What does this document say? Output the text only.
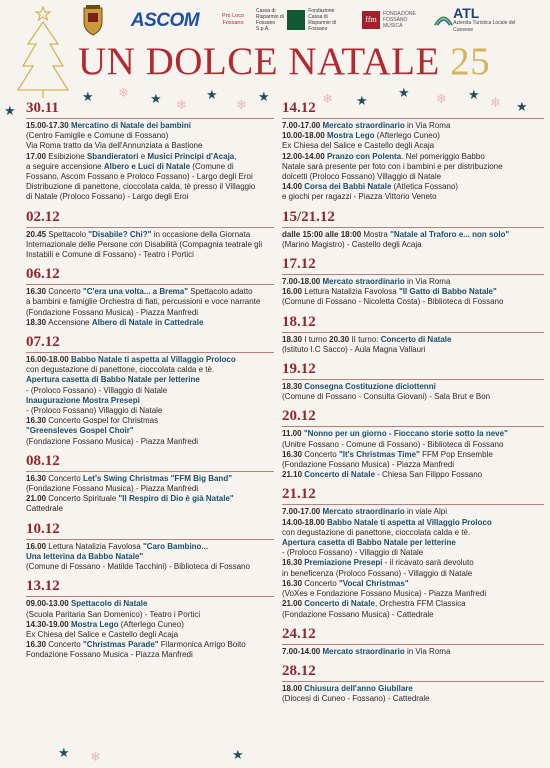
ASCOM	Pro Loco Fossano
Cassa di Risparmio di Fossano S.p.A.
Fondazione Cassa di Risparmio di Fossano
ffm
FONDAZIONE FOSSANO MUSICA
ATL
Azienda Turistica Locale del Cuneese
UN DOLCE NATALE 25
★ ❄ ★ ❄
★
❄
★	❄ ★
★ ❄ ★
❄ ★
★
★ ❄	★
30.11
15.00-17.30 Mercatino di Natale dei bambini
(Centro Famiglie e Comune di Fossano)
Via Roma tratto da Via dell'Annunziata a Bastione
17.00 Esibizione Sbandieratori e Musici Principi d'Acaja,
a seguire accensione Albero e Luci di Natale (Comune di
Fossano, Ascom Fossano e Proloco Fossano) - Largo degli Eroi
Distribuzione di panettone, cioccolata calda, tè presso il Villaggio
di Natale (Proloco Fossano) - Largo degli Eroi
02.12
20.45 Spettacolo "Disabile? Chi?" in occasione della Giornata
Internazionale delle Persone con Disabilità (Compagnia teatrale gli
Instabili e Comune di Fossano) - Teatro i Portici
06.12
16.30 Concerto "C'era una volta... a Brema" Spettacolo adatto
a bambini e famiglie Orchestra di fiati, percussioni e voce narrante
(Fondazione Fossano Musica) - Piazza Manfredi
18.30 Accensione Albero di Natale in Cattedrale
07.12
16.00-18.00 Babbo Natale ti aspetta al Villaggio Proloco
con degustazione di panettone, cioccolata calda e tè.
Apertura casetta di Babbo Natale per letterine
- (Proloco Fossano) - Villaggio di Natale
Inaugurazione Mostra Presepi
- (Proloco Fossano) Villaggio di Natale
16.30 Concerto Gospel for Christmas
"Greensleves Gospel Choir"
(Fondazione Fossano Musica) - Piazza Manfredi
08.12
16.30 Concerto Let's Swing Christmas "FFM Big Band"
(Fondazione Fossano Musica) - Piazza Manfredi
21.00 Concerto Spirituale "Il Respiro di Dio è già Natale"
Cattedrale
10.12
16.00 Lettura Natalizia Favolosa "Caro Bambino...
Una letterina da Babbo Natale"
(Comune di Fossano - Matilde Tacchini) - Biblioteca di Fossano
13.12
09.00-13.00 Spettacolo di Natale
(Scuola Paritaria San Domenico) - Teatro i Portici
14.30-19.00 Mostra Lego (Afterlego Cuneo)
Ex Chiesa del Salice e Castello degli Acaja
16.30 Concerto "Christmas Parade" Filarmonica Arrigo Boito
Fondazione Fossano Musica - Piazza Manfredi
14.12
7.00-17.00 Mercato straordinario in Via Roma
10.00-18.00 Mostra Lego (Afterlego Cuneo)
Ex Chiesa del Salice e Castello degli Acaja
12.00-14.00 Pranzo con Polenta. Nel pomeriggio Babbo
Natale sarà presente per foto con i bambini e per distribuzione
dolcetti (Proloco Fossano) Villaggio di Natale
14.00 Corsa dei Babbi Natale (Atletica Fossano)
e giochi per ragazzi - Piazza Vittorio Veneto
15/21.12
dalle 15:00 alle 18:00 Mostra "Natale al Traforo e... non solo"
(Marino Magistro) - Castello degli Acaja
17.12
7.00-18.00 Mercato straordinario in Via Roma
16.00 Lettura Natalizia Favolosa "Il Gatto di Babbo Natale"
(Comune di Fossano - Nicoletta Costa) - Biblioteca di Fossano
18.12
18.30 I turno 20.30 II turno: Concerto di Natale
(Istituto I.C Sacco) - Aula Magna Vallauri
19.12
18.30 Consegna Costituzione diciottenni
(Comune di Fossano - Consulta Giovani) - Sala Brut e Bon
20.12
11.00 "Nonno per un giorno - Fioccano storie sotto la neve"
(Unitre Fossano - Comune di Fossano) - Biblioteca di Fossano
16.30 Concerto "It's Christmas Time" FFM Pop Ensemble
(Fondazione Fossano Musica) - Piazza Manfredi
21.10 Concerto di Natale - Chiesa San Filippo Fossano
21.12
7.00-17.00 Mercato straordinario in viale Alpi
14.00-18.00 Babbo Natale ti aspetta al Villaggio Proloco
con degustazione di panettone, cioccolata calda e tè.
Apertura casetta di Babbo Natale per letterine
- (Proloco Fossano) - Villaggio di Natale
16.30 Premiazione Presepi - il ricavato sarà devoluto
in beneficenza (Proloco Fossano) - Villaggio di Natale
16.30 Concerto "Vocal Christmas"
(VoXes e Fondazione Fossano Musica) - Piazza Manfredi
21.00 Concerto di Natale, Orchestra FFM Classica
(Fondazione Fossano Musica) - Cattedrale
24.12
7.00-14.00 Mercato straordinario in Via Roma
28.12
18.00 Chiusura dell'anno Giubilare
(Diocesi di Cuneo - Fossano) - Cattedrale
